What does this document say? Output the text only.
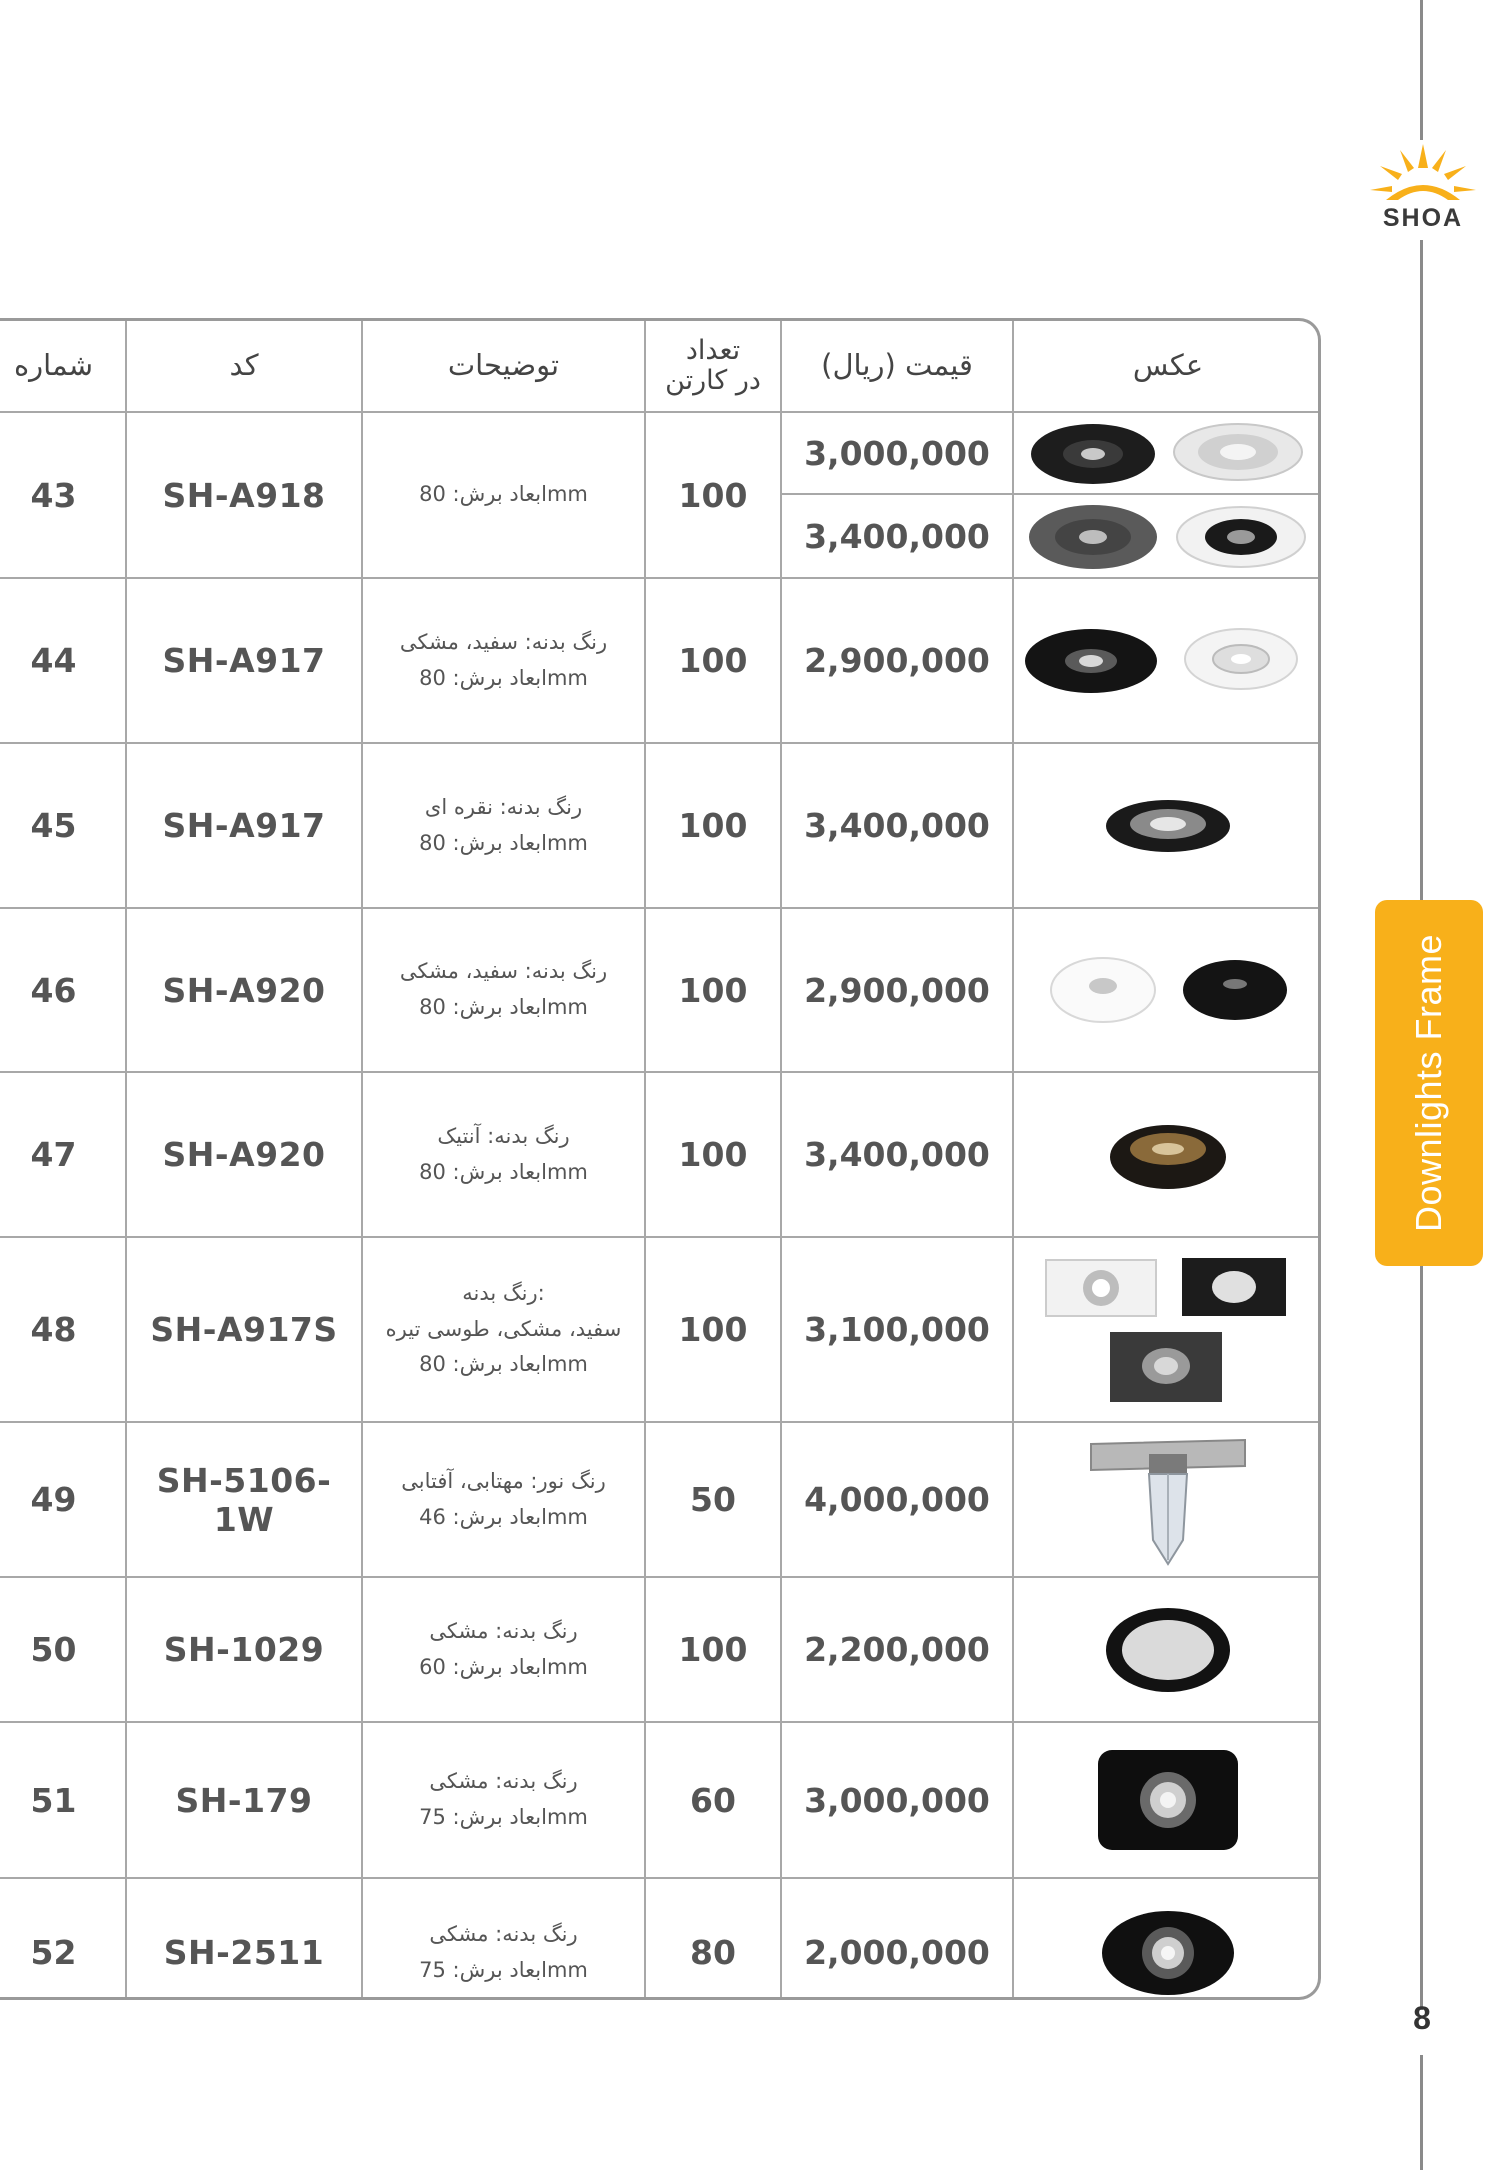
SHOA
Downlights Frame
8
شماره	کد	توضیحات	تعداد
در کارتن	قیمت (ریال)	عکس
43	SH-A918	ابعاد برش: 80mm	100	3,000,000
3,400,000

44	SH-A917	رنگ بدنه: سفید، مشکی
ابعاد برش: 80mm	100	2,900,000	

45	SH-A917	رنگ بدنه: نقره ای
ابعاد برش: 80mm	100	3,400,000	

46	SH-A920	رنگ بدنه: سفید، مشکی
ابعاد برش: 80mm	100	2,900,000	

47	SH-A920	رنگ بدنه: آنتیک
ابعاد برش: 80mm	100	3,400,000	

48	SH-A917S	رنگ بدنه:
سفید، مشکی، طوسی تیره
ابعاد برش: 80mm	100	3,100,000	

49	SH-5106-1W	رنگ نور: مهتابی، آفتابی
ابعاد برش: 46mm	50	4,000,000	

50	SH-1029	رنگ بدنه: مشکی
ابعاد برش: 60mm	100	2,200,000	

51	SH-179	رنگ بدنه: مشکی
ابعاد برش: 75mm	60	3,000,000	

52	SH-2511	رنگ بدنه: مشکی
ابعاد برش: 75mm	80	2,000,000	
